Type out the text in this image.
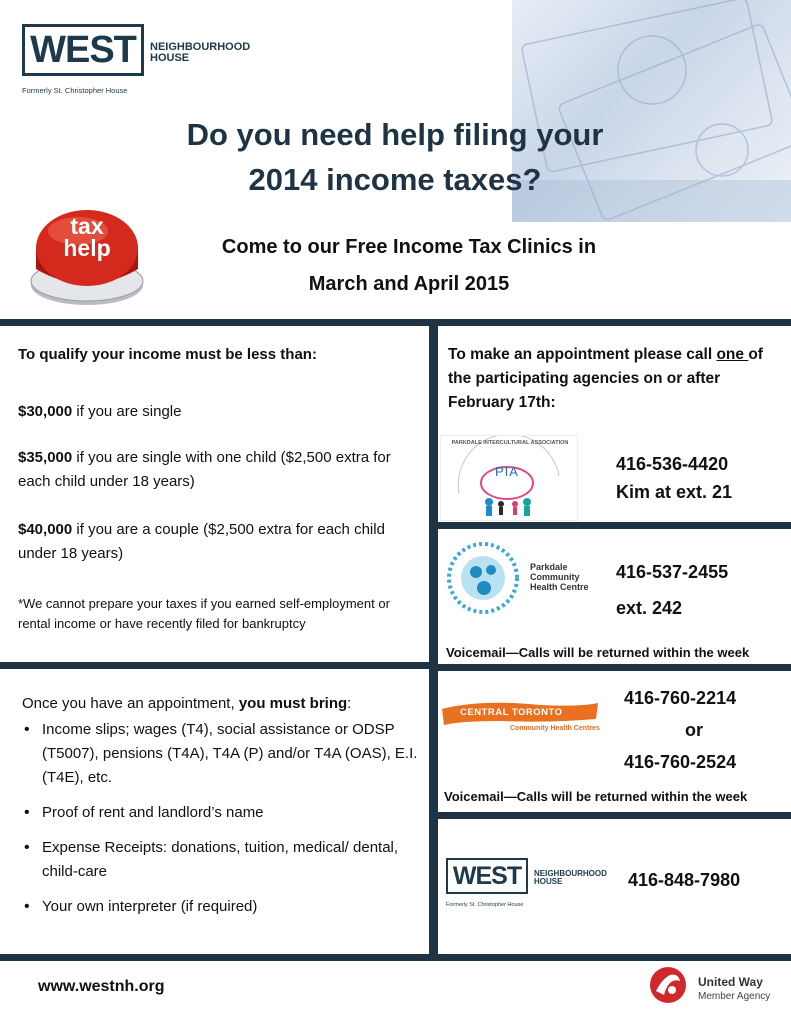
WEST NEIGHBOURHOOD
HOUSE
Formerly St. Christopher House
Do you need help filing your
2014 income taxes?
tax
help	Come to our Free Income Tax Clinics in
March and April 2015
To qualify your income must be less than:
$30,000 if you are single
$35,000 if you are single with one child ($2,500 extra for each child under 18 years)
$40,000 if you are a couple ($2,500 extra for each child under 18 years)
*We cannot prepare your taxes if you earned self-employment or rental income or have recently filed for bankruptcy
Once you have an appointment, you must bring:
• Income slips; wages (T4), social assistance or ODSP (T5007), pensions (T4A), T4A (P) and/or T4A (OAS), E.I. (T4E), etc.
• Proof of rent and landlord’s name
• Expense Receipts: donations, tuition, medical/ dental, child-care
• Your own interpreter (if required)
To make an appointment please call one of the participating agencies on or after February 17th:
PIA
PARKDALE INTERCULTURAL ASSOCIATION
416-536-4420
Kim at ext. 21
Parkdale
Community
Health Centre
416-537-2455
ext. 242
Voicemail—Calls will be returned within the week
CENTRAL TORONTO
Community Health Centres
416-760-2214
or
416-760-2524
Voicemail—Calls will be returned within the week
WEST NEIGHBOURHOOD
HOUSE
Formerly St. Christopher House
416-848-7980
www.westnh.org	United Way
Member Agency
